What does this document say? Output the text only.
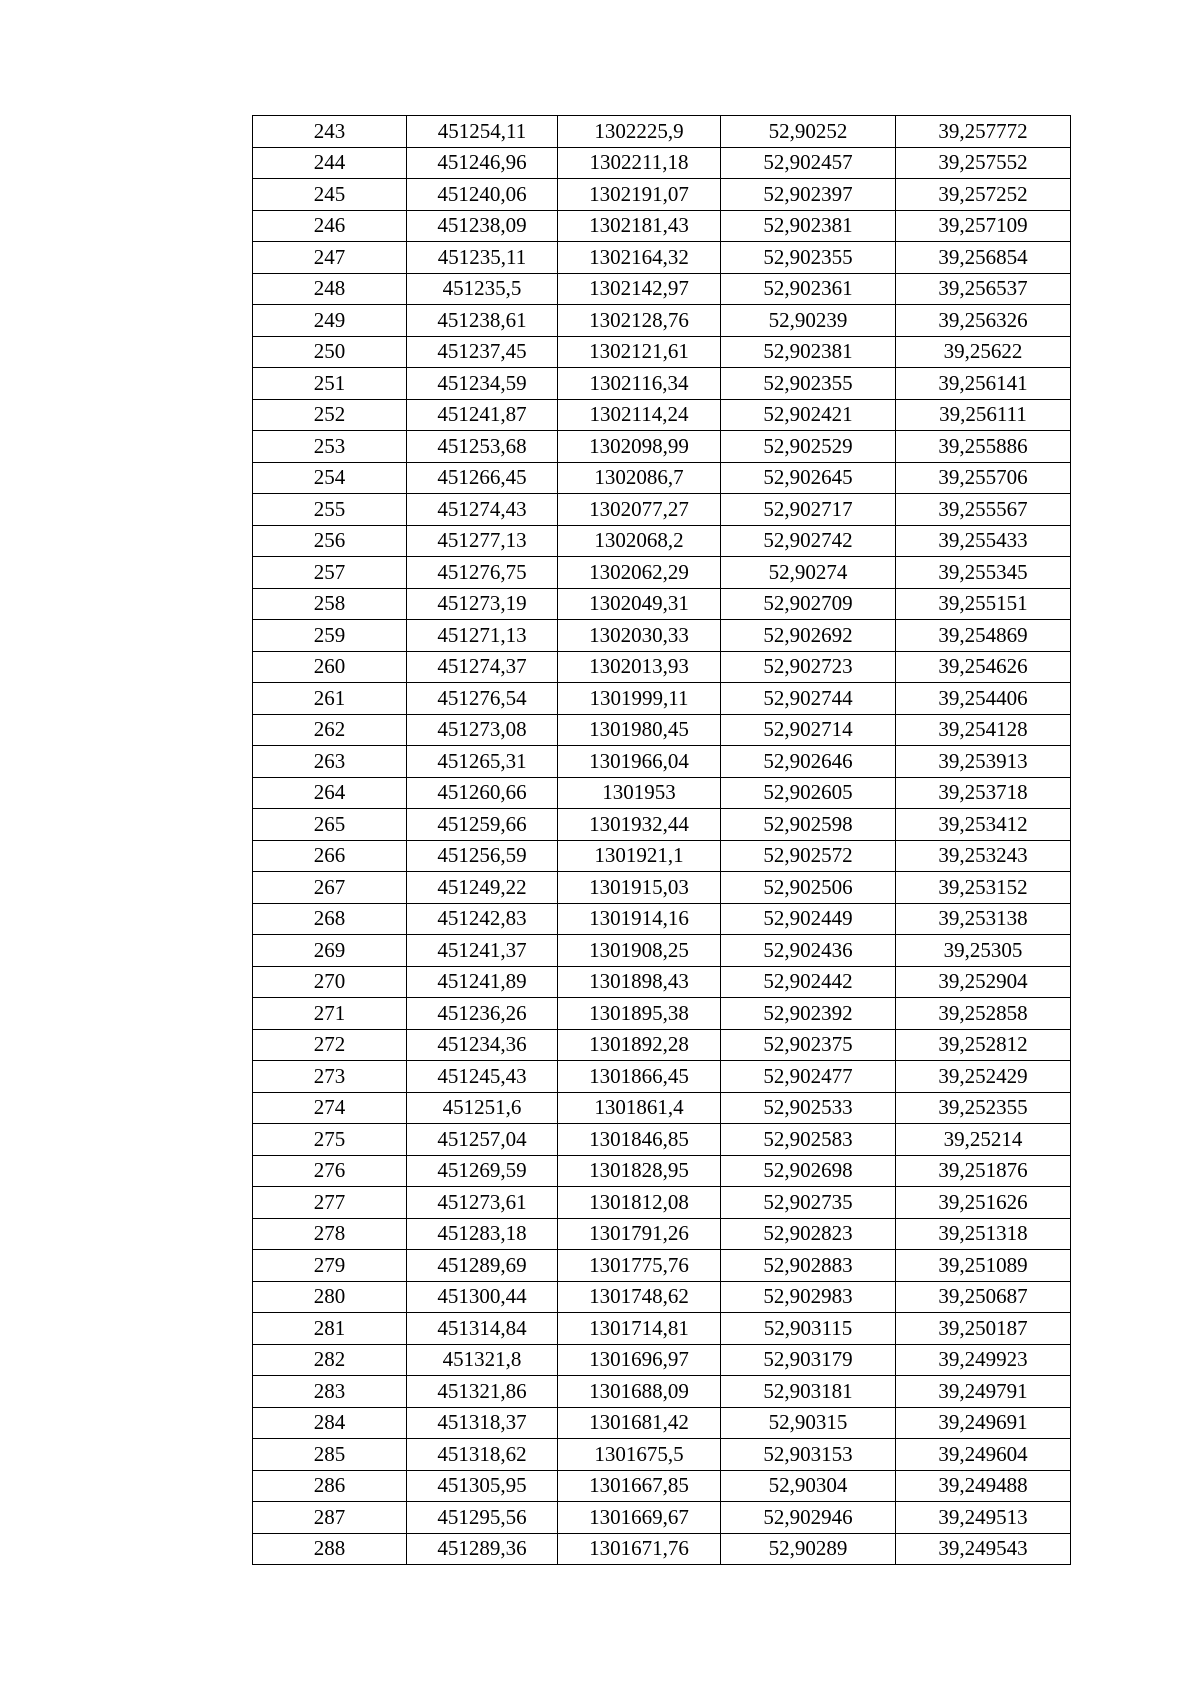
243	451254,11	1302225,9	52,90252	39,257772
244	451246,96	1302211,18	52,902457	39,257552
245	451240,06	1302191,07	52,902397	39,257252
246	451238,09	1302181,43	52,902381	39,257109
247	451235,11	1302164,32	52,902355	39,256854
248	451235,5	1302142,97	52,902361	39,256537
249	451238,61	1302128,76	52,90239	39,256326
250	451237,45	1302121,61	52,902381	39,25622
251	451234,59	1302116,34	52,902355	39,256141
252	451241,87	1302114,24	52,902421	39,256111
253	451253,68	1302098,99	52,902529	39,255886
254	451266,45	1302086,7	52,902645	39,255706
255	451274,43	1302077,27	52,902717	39,255567
256	451277,13	1302068,2	52,902742	39,255433
257	451276,75	1302062,29	52,90274	39,255345
258	451273,19	1302049,31	52,902709	39,255151
259	451271,13	1302030,33	52,902692	39,254869
260	451274,37	1302013,93	52,902723	39,254626
261	451276,54	1301999,11	52,902744	39,254406
262	451273,08	1301980,45	52,902714	39,254128
263	451265,31	1301966,04	52,902646	39,253913
264	451260,66	1301953	52,902605	39,253718
265	451259,66	1301932,44	52,902598	39,253412
266	451256,59	1301921,1	52,902572	39,253243
267	451249,22	1301915,03	52,902506	39,253152
268	451242,83	1301914,16	52,902449	39,253138
269	451241,37	1301908,25	52,902436	39,25305
270	451241,89	1301898,43	52,902442	39,252904
271	451236,26	1301895,38	52,902392	39,252858
272	451234,36	1301892,28	52,902375	39,252812
273	451245,43	1301866,45	52,902477	39,252429
274	451251,6	1301861,4	52,902533	39,252355
275	451257,04	1301846,85	52,902583	39,25214
276	451269,59	1301828,95	52,902698	39,251876
277	451273,61	1301812,08	52,902735	39,251626
278	451283,18	1301791,26	52,902823	39,251318
279	451289,69	1301775,76	52,902883	39,251089
280	451300,44	1301748,62	52,902983	39,250687
281	451314,84	1301714,81	52,903115	39,250187
282	451321,8	1301696,97	52,903179	39,249923
283	451321,86	1301688,09	52,903181	39,249791
284	451318,37	1301681,42	52,90315	39,249691
285	451318,62	1301675,5	52,903153	39,249604
286	451305,95	1301667,85	52,90304	39,249488
287	451295,56	1301669,67	52,902946	39,249513
288	451289,36	1301671,76	52,90289	39,249543
